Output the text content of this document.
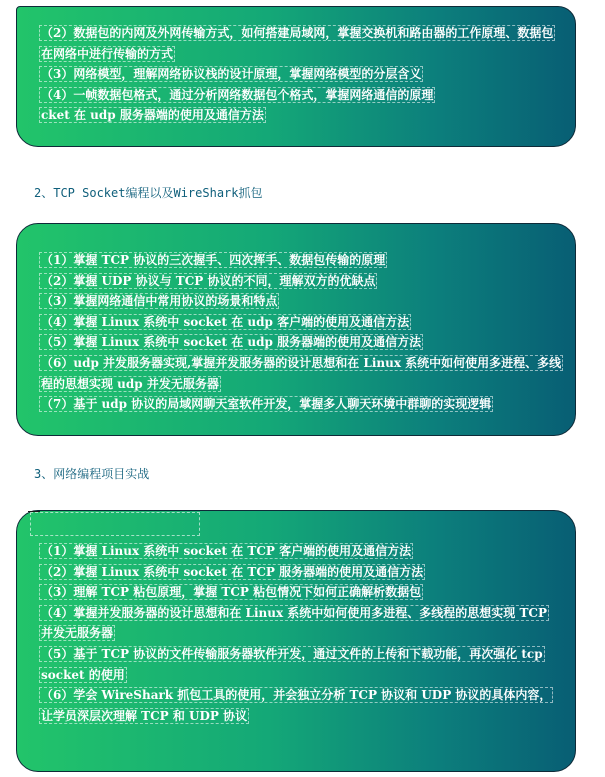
（2）数据包的内网及外网传输方式，如何搭建局域网，掌握交换机和路由器的工作原理、数据包在网络中进行传输的方式
（3）网络模型，理解网络协议栈的设计原理，掌握网络模型的分层含义
（4）一帧数据包格式，通过分析网络数据包个格式，掌握网络通信的原理
cket 在 udp 服务器端的使用及通信方法
2、TCP Socket编程以及WireShark抓包
（1）掌握 TCP 协议的三次握手、四次挥手、数据包传输的原理
（2）掌握 UDP 协议与 TCP 协议的不同，理解双方的优缺点
（3）掌握网络通信中常用协议的场景和特点
（4）掌握 Linux 系统中 socket 在 udp 客户端的使用及通信方法
（5）掌握 Linux 系统中 socket 在 udp 服务器端的使用及通信方法
（6）udp 并发服务器实现,掌握并发服务器的设计思想和在 Linux 系统中如何使用多进程、多线程的思想实现 udp 并发无服务器
（7）基于 udp 协议的局域网聊天室软件开发，掌握多人聊天环境中群聊的实现逻辑
3、网络编程项目实战
（1）掌握 Linux 系统中 socket 在 TCP 客户端的使用及通信方法
（2）掌握 Linux 系统中 socket 在 TCP 服务器端的使用及通信方法
（3）理解 TCP 粘包原理，掌握 TCP 粘包情况下如何正确解析数据包
（4）掌握并发服务器的设计思想和在 Linux 系统中如何使用多进程、多线程的思想实现 TCP 并发无服务器
（5）基于 TCP 协议的文件传输服务器软件开发，通过文件的上传和下载功能，再次强化 tcp socket 的使用
（6）学会 WireShark 抓包工具的使用，并会独立分析 TCP 协议和 UDP 协议的具体内容，让学员深层次理解 TCP 和 UDP 协议
